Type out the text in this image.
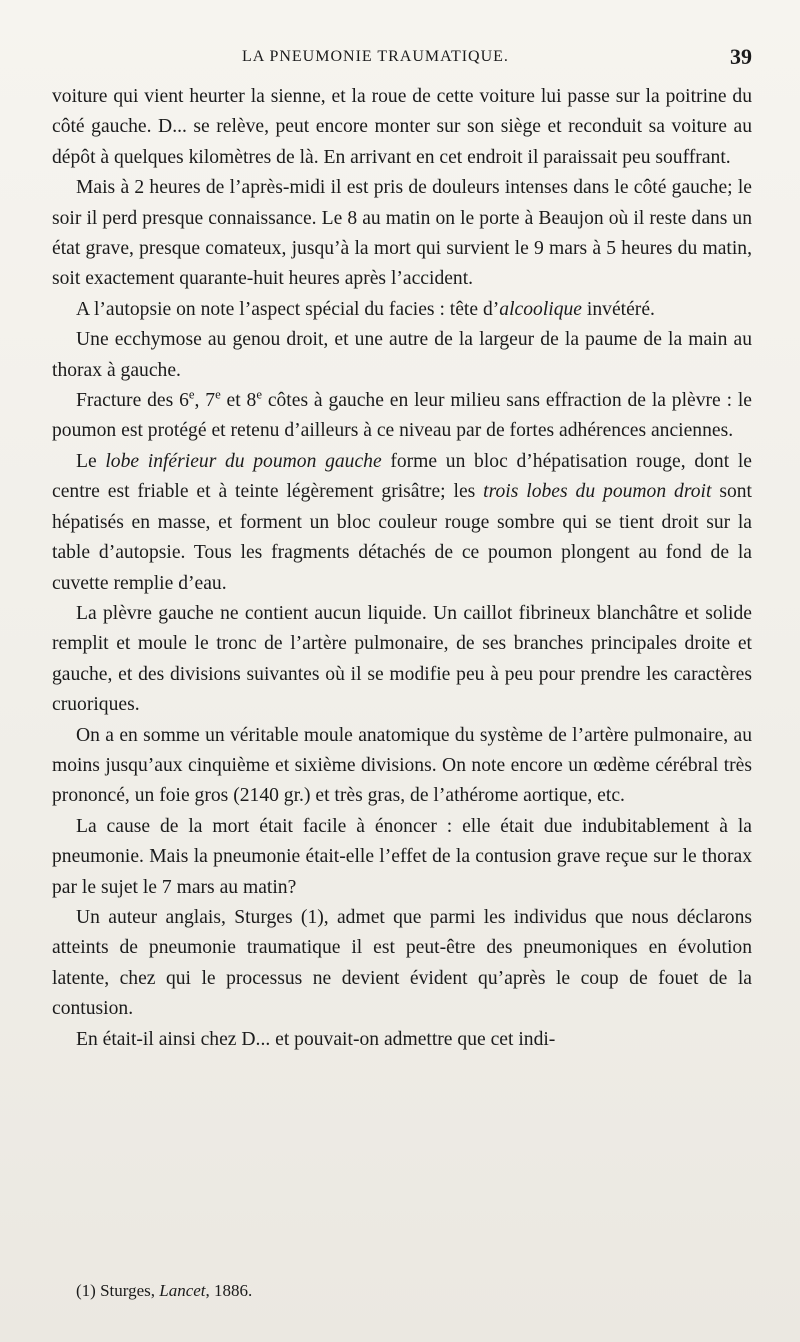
LA PNEUMONIE TRAUMATIQUE.	39

voiture qui vient heurter la sienne, et la roue de cette voiture lui passe sur la poitrine du côté gauche. D... se relève, peut encore monter sur son siège et reconduit sa voiture au dépôt à quelques kilomètres de là. En arrivant en cet endroit il paraissait peu souffrant.

Mais à 2 heures de l’après-midi il est pris de douleurs intenses dans le côté gauche; le soir il perd presque connaissance. Le 8 au matin on le porte à Beaujon où il reste dans un état grave, presque comateux, jusqu’à la mort qui survient le 9 mars à 5 heures du matin, soit exactement quarante-huit heures après l’accident.

A l’autopsie on note l’aspect spécial du facies : tête d’alcoolique invétéré.

Une ecchymose au genou droit, et une autre de la largeur de la paume de la main au thorax à gauche.

Fracture des 6e, 7e et 8e côtes à gauche en leur milieu sans effraction de la plèvre : le poumon est protégé et retenu d’ailleurs à ce niveau par de fortes adhérences anciennes.

Le lobe inférieur du poumon gauche forme un bloc d’hépatisation rouge, dont le centre est friable et à teinte légèrement grisâtre; les trois lobes du poumon droit sont hépatisés en masse, et forment un bloc couleur rouge sombre qui se tient droit sur la table d’autopsie. Tous les fragments détachés de ce poumon plongent au fond de la cuvette remplie d’eau.

La plèvre gauche ne contient aucun liquide. Un caillot fibrineux blanchâtre et solide remplit et moule le tronc de l’artère pulmonaire, de ses branches principales droite et gauche, et des divisions suivantes où il se modifie peu à peu pour prendre les caractères cruoriques.

On a en somme un véritable moule anatomique du système de l’artère pulmonaire, au moins jusqu’aux cinquième et sixième divisions. On note encore un œdème cérébral très prononcé, un foie gros (2140 gr.) et très gras, de l’athérome aortique, etc.

La cause de la mort était facile à énoncer : elle était due indubitablement à la pneumonie. Mais la pneumonie était-elle l’effet de la contusion grave reçue sur le thorax par le sujet le 7 mars au matin?

Un auteur anglais, Sturges (1), admet que parmi les individus que nous déclarons atteints de pneumonie traumatique il est peut-être des pneumoniques en évolution latente, chez qui le processus ne devient évident qu’après le coup de fouet de la contusion.

En était-il ainsi chez D... et pouvait-on admettre que cet indi-

(1) Sturges, Lancet, 1886.
